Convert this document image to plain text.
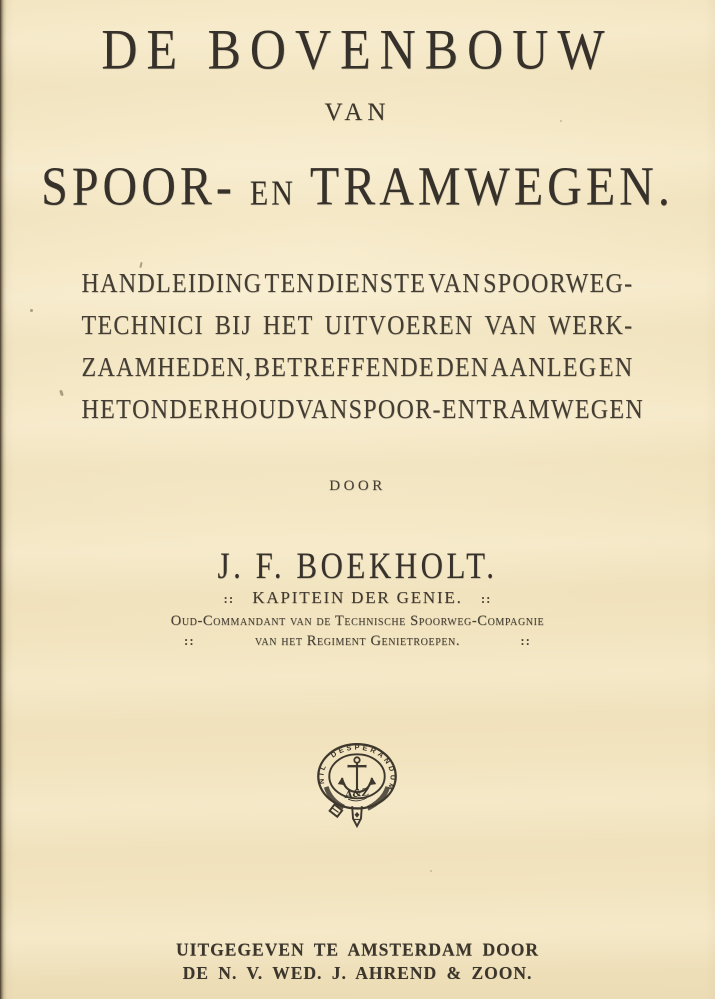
DE BOVENBOUW
VAN
SPOOR- EN TRAMWEGEN.
HANDLEIDING TEN DIENSTE VAN SPOORWEG-
TECHNICI BIJ HET UITVOEREN VAN WERK-
ZAAMHEDEN, BETREFFENDE DEN AANLEG EN
HET ONDERHOUD VAN SPOOR- EN TRAMWEGEN
DOOR
J. F. BOEKHOLT.
:: KAPITEIN DER GENIE. ::
Oud-Commandant van de Technische Spoorweg-Compagnie
::	van het Regiment Genietroepen.	::
NIL DESPERANDUM
A&Z
UITGEGEVEN TE AMSTERDAM DOOR
DE N. V. WED. J. AHREND & ZOON.
